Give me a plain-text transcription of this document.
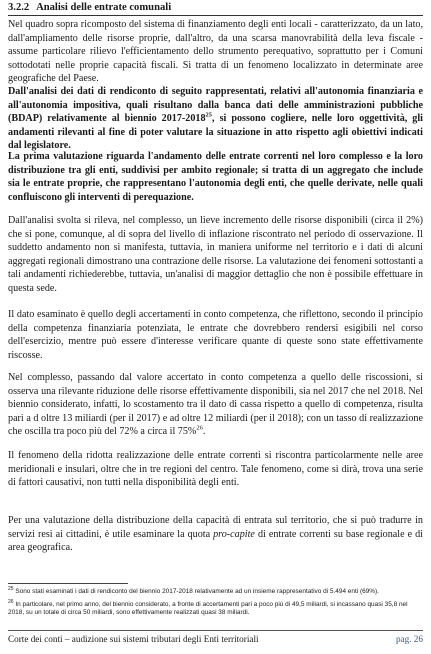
3.2.2 Analisi delle entrate comunali

Nel quadro sopra ricomposto del sistema di finanziamento degli enti locali - caratterizzato, da un lato, dall'ampliamento delle risorse proprie, dall'altro, da una scarsa manovrabilità della leva fiscale - assume particolare rilievo l'efficientamento dello strumento perequativo, soprattutto per i Comuni sottodotati nelle proprie capacità fiscali. Si tratta di un fenomeno localizzato in determinate aree geografiche del Paese.

Dall'analisi dei dati di rendiconto di seguito rappresentati, relativi all'autonomia finanziaria e all'autonomia impositiva, quali risultano dalla banca dati delle amministrazioni pubbliche (BDAP) relativamente al biennio 2017-2018$^{25}$, si possono cogliere, nelle loro oggettività, gli andamenti rilevanti al fine di poter valutare la situazione in atto rispetto agli obiettivi indicati dal legislatore.

La prima valutazione riguarda l'andamento delle entrate correnti nel loro complesso e la loro distribuzione tra gli enti, suddivisi per ambito regionale; si tratta di un aggregato che include sia le entrate proprie, che rappresentano l'autonomia degli enti, che quelle derivate, nelle quali confluiscono gli interventi di perequazione.

Dall'analisi svolta si rileva, nel complesso, un lieve incremento delle risorse disponibili (circa il 2%) che si pone, comunque, al di sopra del livello di inflazione riscontrato nel periodo di osservazione. Il suddetto andamento non si manifesta, tuttavia, in maniera uniforme nel territorio e i dati di alcuni aggregati regionali dimostrano una contrazione delle risorse. La valutazione dei fenomeni sottostanti a tali andamenti richiederebbe, tuttavia, un'analisi di maggior dettaglio che non è possibile effettuare in questa sede.

Il dato esaminato è quello degli accertamenti in conto competenza, che riflettono, secondo il principio della competenza finanziaria potenziata, le entrate che dovrebbero rendersi esigibili nel corso dell'esercizio, mentre può essere d'interesse verificare quante di queste sono state effettivamente riscosse.

Nel complesso, passando dal valore accertato in conto competenza a quello delle riscossioni, si osserva una rilevante riduzione delle risorse effettivamente disponibili, sia nel 2017 che nel 2018. Nel biennio considerato, infatti, lo scostamento tra il dato di cassa rispetto a quello di competenza, risulta pari a d oltre 13 miliardi (per il 2017) e ad oltre 12 miliardi (per il 2018); con un tasso di realizzazione che oscilla tra poco più del 72% a circa il 75%$^{26}$.

Il fenomeno della ridotta realizzazione delle entrate correnti si riscontra particolarmente nelle aree meridionali e insulari, oltre che in tre regioni del centro. Tale fenomeno, come si dirà, trova una serie di fattori causativi, non tutti nella disponibilità degli enti.

Per una valutazione della distribuzione della capacità di entrata sul territorio, che si può tradurre in servizi resi ai cittadini, è utile esaminare la quota pro-capite di entrate correnti su base regionale e di area geografica.

$^{25}$ Sono stati esaminati i dati di rendiconto del biennio 2017-2018 relativamente ad un insieme rappresentativo di 5.494 enti (69%).

$^{26}$ In particolare, nel primo anno, del biennio considerato, a fronte di accertamenti pari a poco più di 49,5 miliardi, si incassano quasi 35,8 nel 2018, su un totale di circa 50 miliardi, sono effettivamente realizzati quasi 38 miliardi.

Corte dei conti – audizione sui sistemi tributari degli Enti territoriali	pag. 26
